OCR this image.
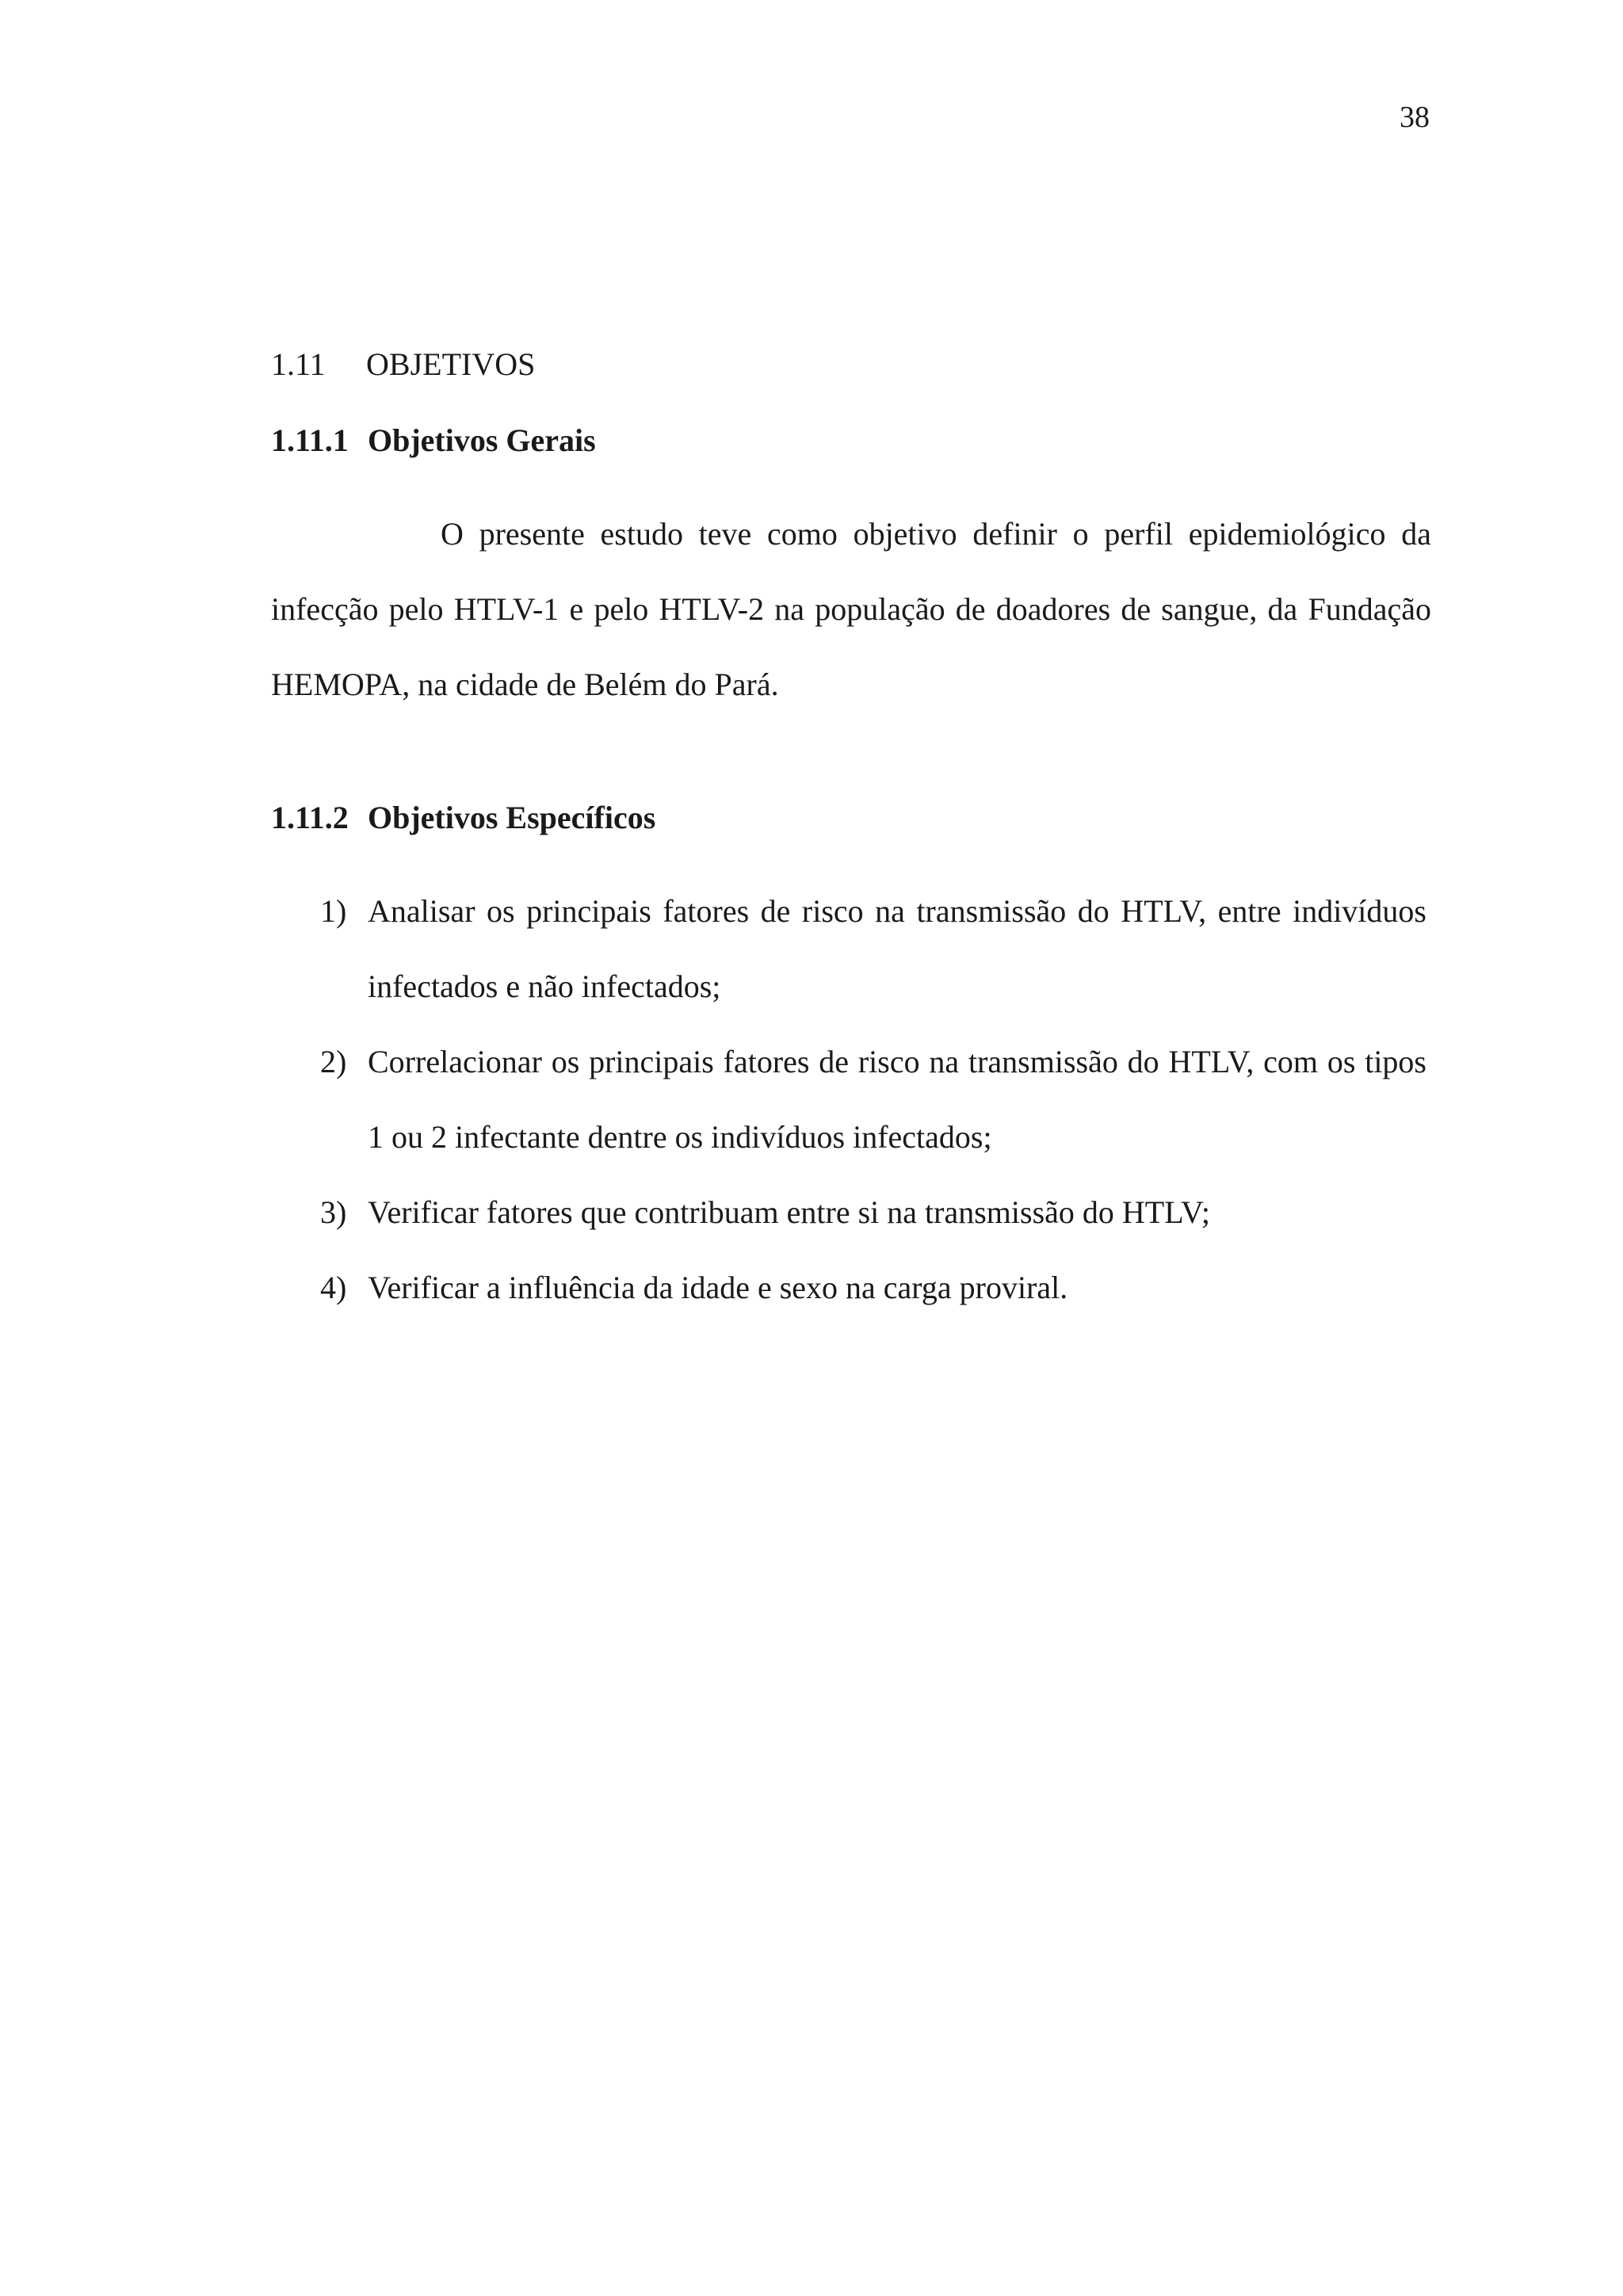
38
1.11 OBJETIVOS
1.11.1 Objetivos Gerais

O presente estudo teve como objetivo definir o perfil epidemiológico da infecção pelo HTLV-1 e pelo HTLV-2 na população de doadores de sangue, da Fundação HEMOPA, na cidade de Belém do Pará.

1.11.2 Objetivos Específicos
1) Analisar os principais fatores de risco na transmissão do HTLV, entre indivíduos infectados e não infectados;
2) Correlacionar os principais fatores de risco na transmissão do HTLV, com os tipos 1 ou 2 infectante dentre os indivíduos infectados;
3) Verificar fatores que contribuam entre si na transmissão do HTLV;
4) Verificar a influência da idade e sexo na carga proviral.
